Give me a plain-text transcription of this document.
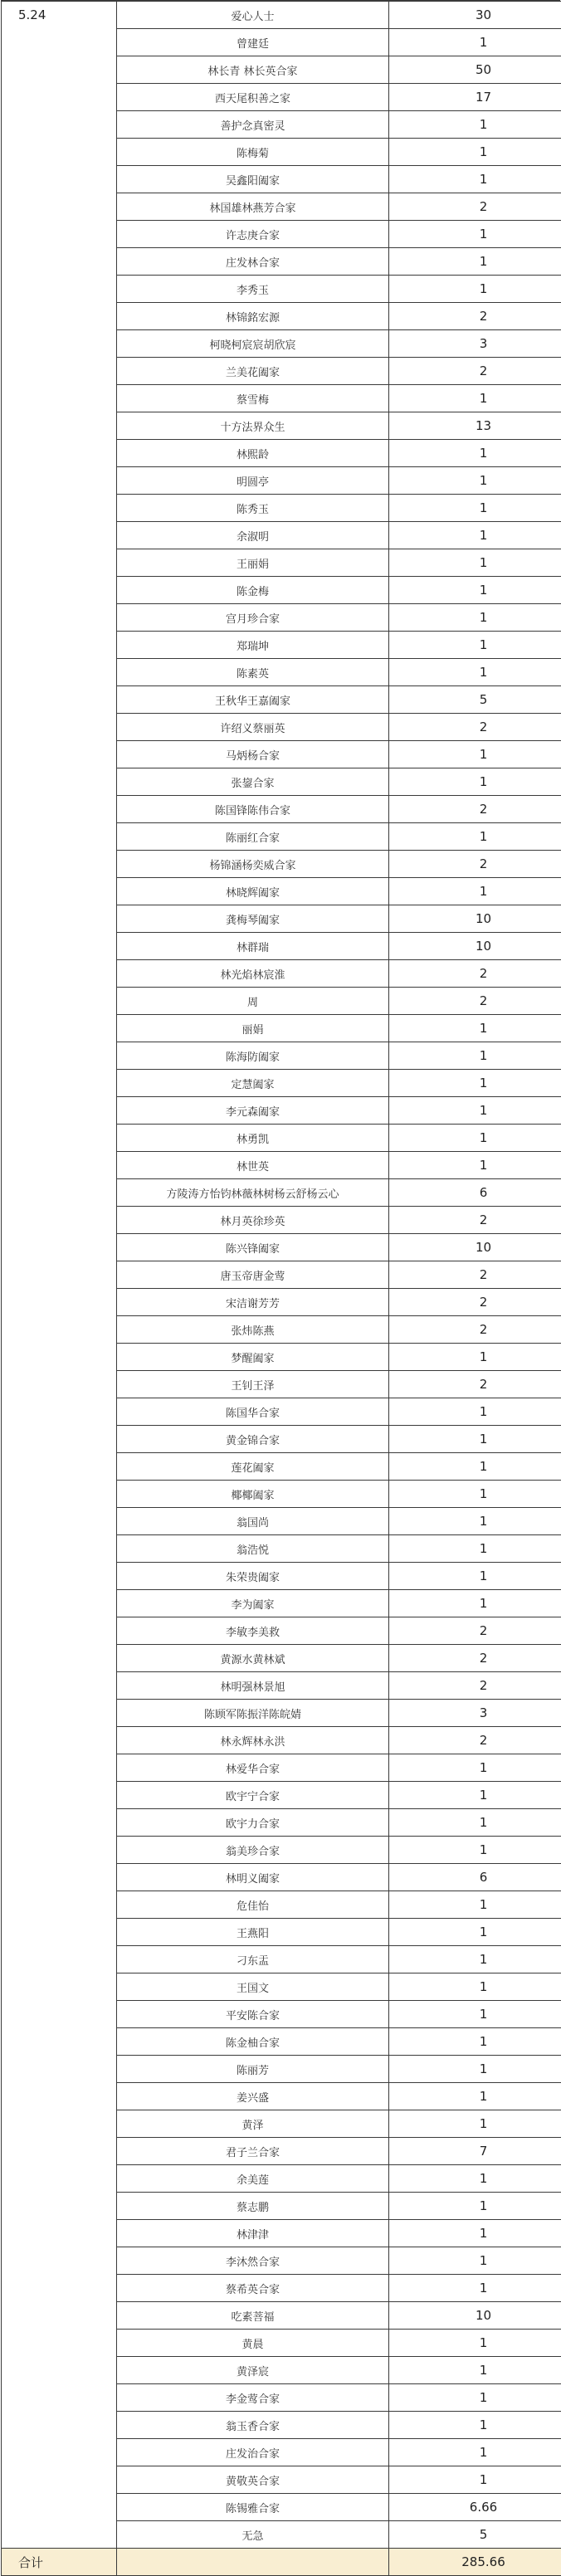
5.24	爱心人士	30
	曾建廷	1
	林长青 林长英合家	50
	西天尾积善之家	17
	善护念真密灵	1
	陈梅菊	1
	吴鑫阳阖家	1
	林国雄林燕芳合家	2
	许志庚合家	1
	庄发林合家	1
	李秀玉	1
	林锦銘宏源	2
	柯晓柯宸宸胡欣宸	3
	兰美花阖家	2
	蔡雪梅	1
	十方法界众生	13
	林熙龄	1
	明圆亭	1
	陈秀玉	1
	余淑明	1
	王丽娟	1
	陈金梅	1
	宫月珍合家	1
	郑瑞坤	1
	陈素英	1
	王秋华王嘉阖家	5
	许绍义蔡丽英	2
	马炳杨合家	1
	张鋆合家	1
	陈国锋陈伟合家	2
	陈丽红合家	1
	杨锦涵杨奕威合家	2
	林晓辉阖家	1
	龚梅琴阖家	10
	林群瑞	10
	林光焰林宸淮	2
	周	2
	丽娟	1
	陈海防阖家	1
	定慧阖家	1
	李元森阖家	1
	林勇凯	1
	林世英	1
	方陵涛方怡钧林薇林树杨云舒杨云心	6
	林月英徐珍英	2
	陈兴锋阖家	10
	唐玉帝唐金莺	2
	宋洁谢芳芳	2
	张炜陈燕	2
	梦醒阖家	1
	王钊王泽	2
	陈国华合家	1
	黄金锦合家	1
	莲花阖家	1
	椰椰阖家	1
	翁国尚	1
	翁浩悦	1
	朱荣贵阖家	1
	李为阖家	1
	李敏李美救	2
	黄源水黄林斌	2
	林明强林景旭	2
	陈顾军陈振洋陈皖婧	3
	林永辉林永洪	2
	林爱华合家	1
	欧宇宁合家	1
	欧宇力合家	1
	翁美珍合家	1
	林明义阖家	6
	危佳怡	1
	王燕阳	1
	刁东盂	1
	王国文	1
	平安陈合家	1
	陈金柚合家	1
	陈丽芳	1
	姜兴盛	1
	黄泽	1
	君子兰合家	7
	余美莲	1
	蔡志鹏	1
	林津津	1
	李沐然合家	1
	蔡希英合家	1
	吃素菩福	10
	黄晨	1
	黄泽宸	1
	李金莺合家	1
	翁玉香合家	1
	庄发治合家	1
	黄敬英合家	1
	陈锡雅合家	6.66
	无急	5
合计		285.66
